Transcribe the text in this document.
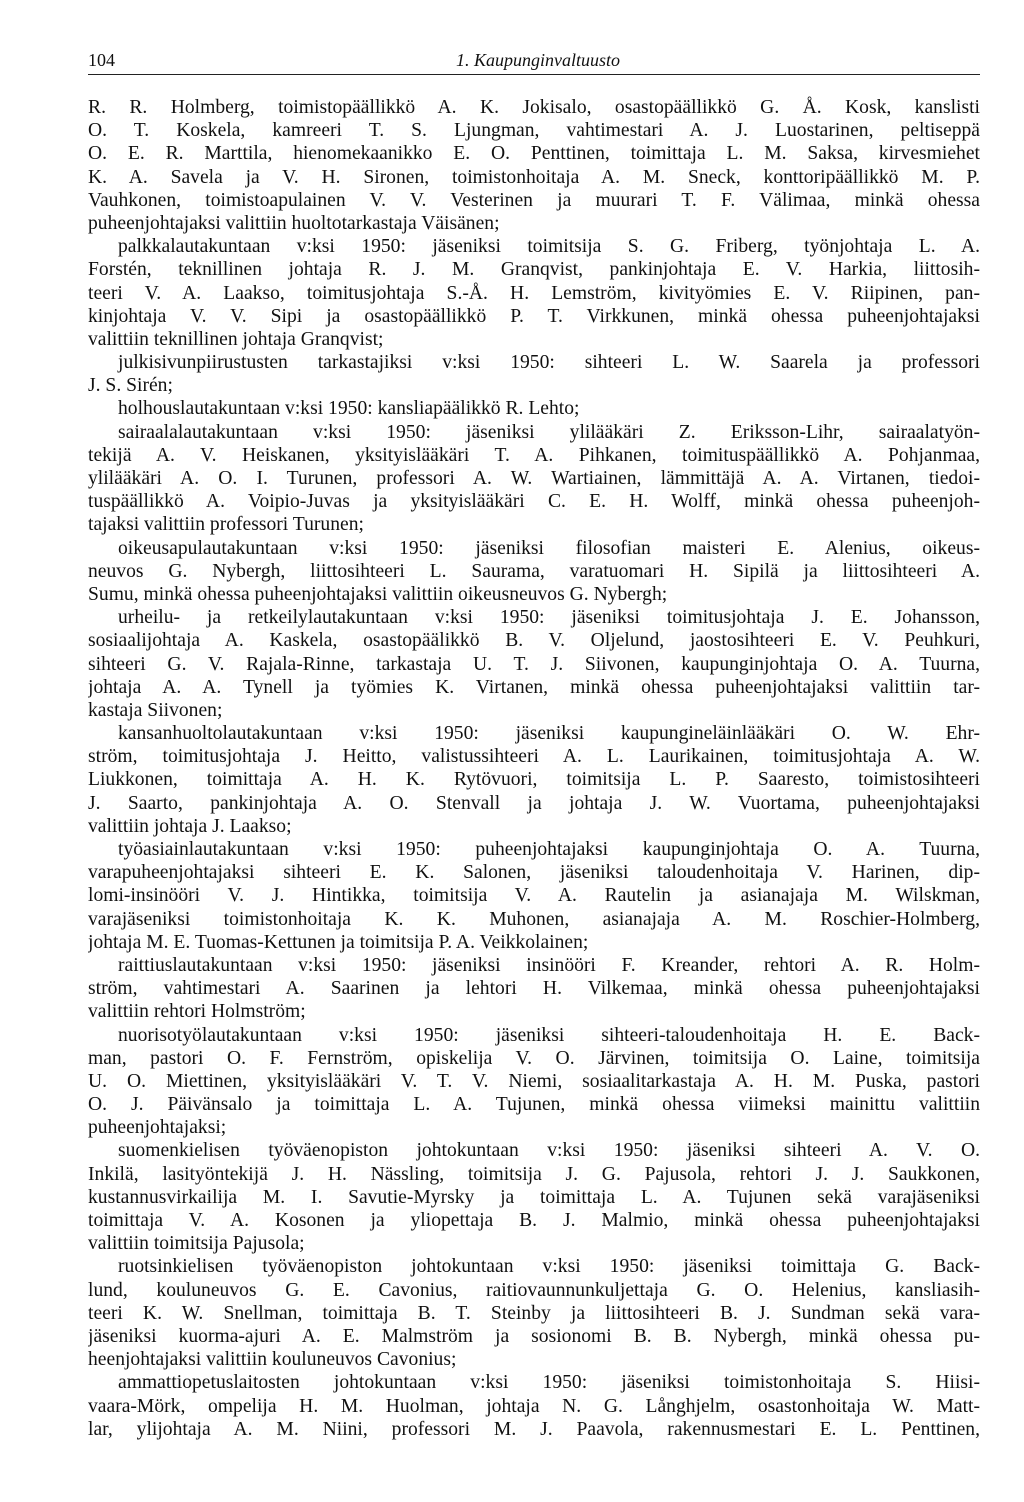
104	1. Kaupunginvaltuusto
R. R. Holmberg, toimistopäällikkö A. K. Jokisalo, osastopäällikkö G. Å. Kosk, kanslisti
O. T. Koskela, kamreeri T. S. Ljungman, vahtimestari A. J. Luostarinen, peltiseppä
O. E. R. Marttila, hienomekaanikko E. O. Penttinen, toimittaja L. M. Saksa, kirvesmiehet
K. A. Savela ja V. H. Sironen, toimistonhoitaja A. M. Sneck, konttoripäällikkö M. P.
Vauhkonen, toimistoapulainen V. V. Vesterinen ja muurari T. F. Välimaa, minkä ohessa
puheenjohtajaksi valittiin huoltotarkastaja Väisänen;
palkkalautakuntaan v:ksi 1950: jäseniksi toimitsija S. G. Friberg, työnjohtaja L. A.
Forstén, teknillinen johtaja R. J. M. Granqvist, pankinjohtaja E. V. Harkia, liittosih-
teeri V. A. Laakso, toimitusjohtaja S.-Å. H. Lemström, kivityömies E. V. Riipinen, pan-
kinjohtaja V. V. Sipi ja osastopäällikkö P. T. Virkkunen, minkä ohessa puheenjohtajaksi
valittiin teknillinen johtaja Granqvist;
julkisivunpiirustusten tarkastajiksi v:ksi 1950: sihteeri L. W. Saarela ja professori
J. S. Sirén;
holhouslautakuntaan v:ksi 1950: kansliapäälikkö R. Lehto;
sairaalalautakuntaan v:ksi 1950: jäseniksi ylilääkäri Z. Eriksson-Lihr, sairaalatyön-
tekijä A. V. Heiskanen, yksityislääkäri T. A. Pihkanen, toimituspäällikkö A. Pohjanmaa,
ylilääkäri A. O. I. Turunen, professori A. W. Wartiainen, lämmittäjä A. A. Virtanen, tiedoi-
tuspäällikkö A. Voipio-Juvas ja yksityislääkäri C. E. H. Wolff, minkä ohessa puheenjoh-
tajaksi valittiin professori Turunen;
oikeusapulautakuntaan v:ksi 1950: jäseniksi filosofian maisteri E. Alenius, oikeus-
neuvos G. Nybergh, liittosihteeri L. Saurama, varatuomari H. Sipilä ja liittosihteeri A.
Sumu, minkä ohessa puheenjohtajaksi valittiin oikeusneuvos G. Nybergh;
urheilu- ja retkeilylautakuntaan v:ksi 1950: jäseniksi toimitusjohtaja J. E. Johansson,
sosiaalijohtaja A. Kaskela, osastopäälikkö B. V. Oljelund, jaostosihteeri E. V. Peuhkuri,
sihteeri G. V. Rajala-Rinne, tarkastaja U. T. J. Siivonen, kaupunginjohtaja O. A. Tuurna,
johtaja A. A. Tynell ja työmies K. Virtanen, minkä ohessa puheenjohtajaksi valittiin tar-
kastaja Siivonen;
kansanhuoltolautakuntaan v:ksi 1950: jäseniksi kaupungineläinlääkäri O. W. Ehr-
ström, toimitusjohtaja J. Heitto, valistussihteeri A. L. Laurikainen, toimitusjohtaja A. W.
Liukkonen, toimittaja A. H. K. Rytövuori, toimitsija L. P. Saaresto, toimistosihteeri
J. Saarto, pankinjohtaja A. O. Stenvall ja johtaja J. W. Vuortama, puheenjohtajaksi
valittiin johtaja J. Laakso;
työasiainlautakuntaan v:ksi 1950: puheenjohtajaksi kaupunginjohtaja O. A. Tuurna,
varapuheenjohtajaksi sihteeri E. K. Salonen, jäseniksi taloudenhoitaja V. Harinen, dip-
lomi-insinööri V. J. Hintikka, toimitsija V. A. Rautelin ja asianajaja M. Wilskman,
varajäseniksi toimistonhoitaja K. K. Muhonen, asianajaja A. M. Roschier-Holmberg,
johtaja M. E. Tuomas-Kettunen ja toimitsija P. A. Veikkolainen;
raittiuslautakuntaan v:ksi 1950: jäseniksi insinööri F. Kreander, rehtori A. R. Holm-
ström, vahtimestari A. Saarinen ja lehtori H. Vilkemaa, minkä ohessa puheenjohtajaksi
valittiin rehtori Holmström;
nuorisotyölautakuntaan v:ksi 1950: jäseniksi sihteeri-taloudenhoitaja H. E. Back-
man, pastori O. F. Fernström, opiskelija V. O. Järvinen, toimitsija O. Laine, toimitsija
U. O. Miettinen, yksityislääkäri V. T. V. Niemi, sosiaalitarkastaja A. H. M. Puska, pastori
O. J. Päivänsalo ja toimittaja L. A. Tujunen, minkä ohessa viimeksi mainittu valittiin
puheenjohtajaksi;
suomenkielisen työväenopiston johtokuntaan v:ksi 1950: jäseniksi sihteeri A. V. O.
Inkilä, lasityöntekijä J. H. Nässling, toimitsija J. G. Pajusola, rehtori J. J. Saukkonen,
kustannusvirkailija M. I. Savutie-Myrsky ja toimittaja L. A. Tujunen sekä varajäseniksi
toimittaja V. A. Kosonen ja yliopettaja B. J. Malmio, minkä ohessa puheenjohtajaksi
valittiin toimitsija Pajusola;
ruotsinkielisen työväenopiston johtokuntaan v:ksi 1950: jäseniksi toimittaja G. Back-
lund, kouluneuvos G. E. Cavonius, raitiovaunnunkuljettaja G. O. Helenius, kansliasih-
teeri K. W. Snellman, toimittaja B. T. Steinby ja liittosihteeri B. J. Sundman sekä vara-
jäseniksi kuorma-ajuri A. E. Malmström ja sosionomi B. B. Nybergh, minkä ohessa pu-
heenjohtajaksi valittiin kouluneuvos Cavonius;
ammattiopetuslaitosten johtokuntaan v:ksi 1950: jäseniksi toimistonhoitaja S. Hiisi-
vaara-Mörk, ompelija H. M. Huolman, johtaja N. G. Långhjelm, osastonhoitaja W. Matt-
lar, ylijohtaja A. M. Niini, professori M. J. Paavola, rakennusmestari E. L. Penttinen,
